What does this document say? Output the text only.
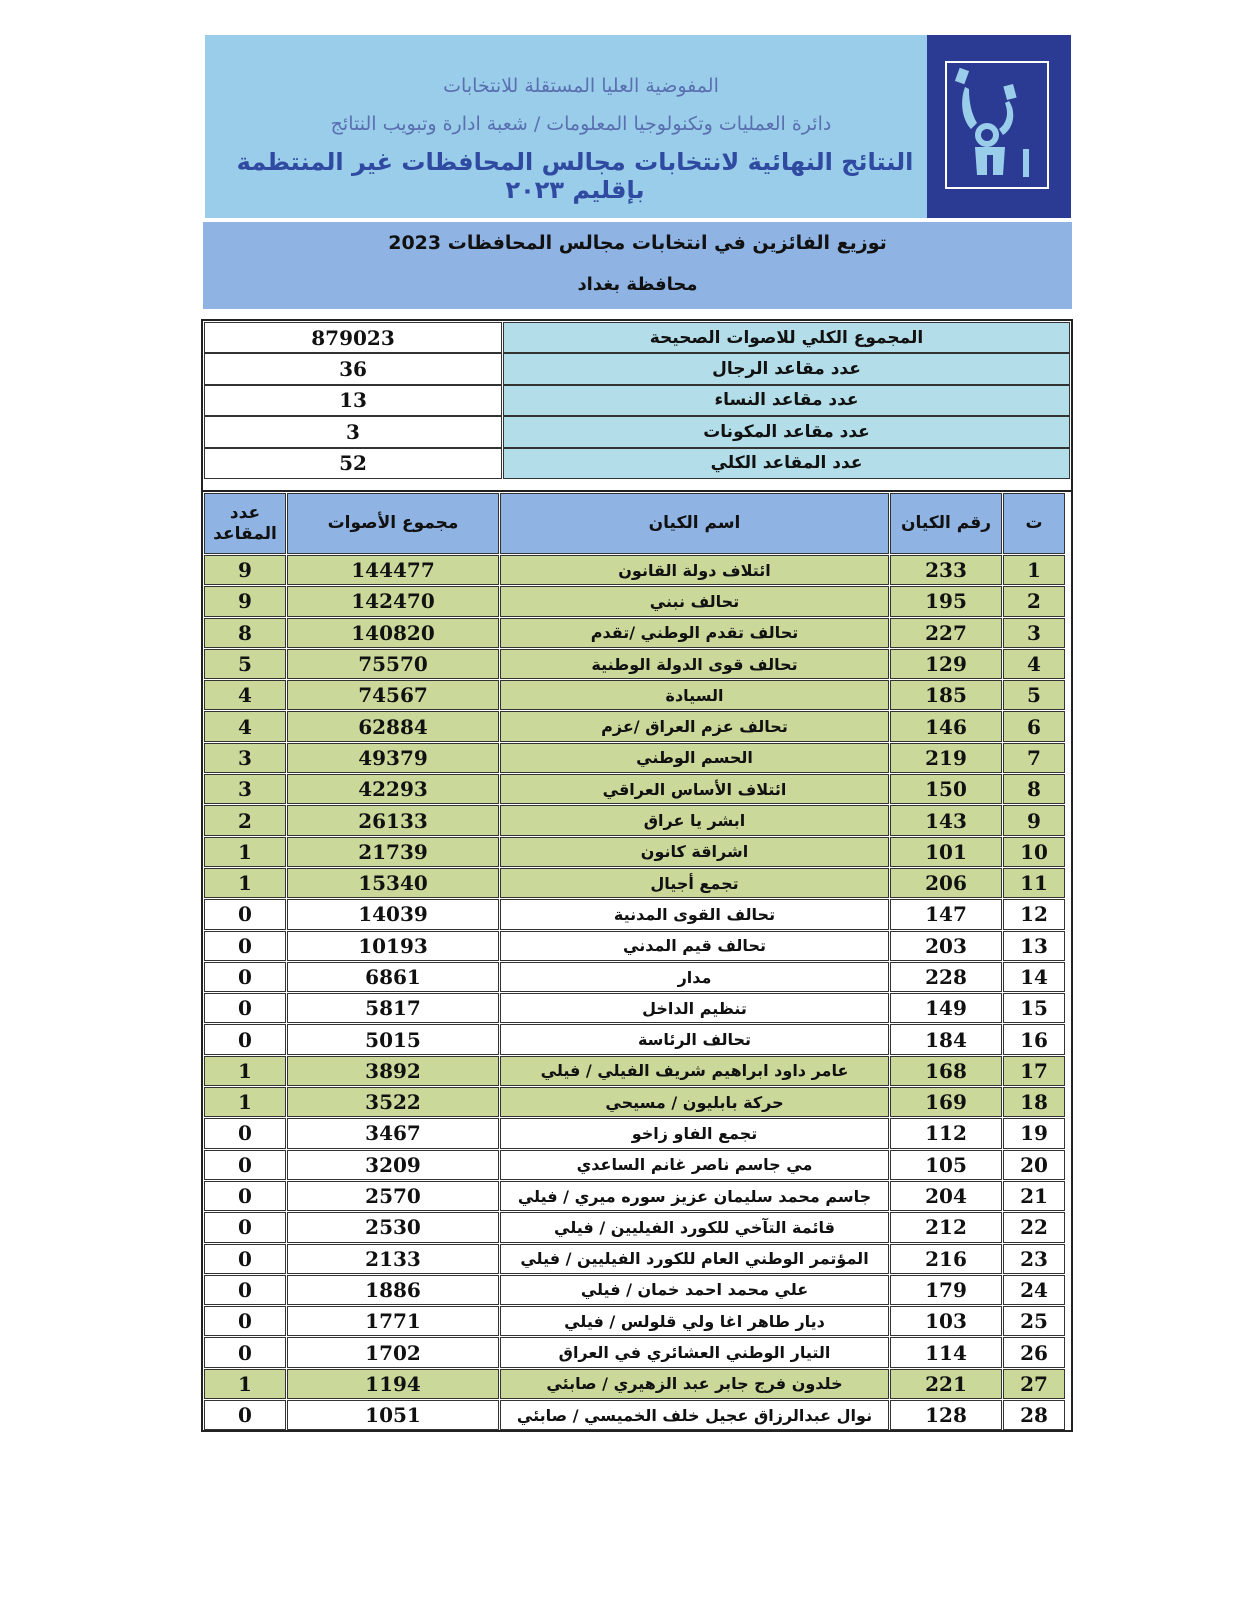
المفوضية العليا المستقلة للانتخابات
دائرة العمليات وتكنولوجيا المعلومات / شعبة ادارة وتبويب النتائج
النتائج النهائية لانتخابات مجالس المحافظات غير المنتظمة بإقليم ٢٠٢٣
توزيع الفائزين في انتخابات مجالس المحافظات 2023
محافظة بغداد
879023	المجموع الكلي للاصوات الصحيحة
36	عدد مقاعد الرجال
13	عدد مقاعد النساء
3	عدد مقاعد المكونات
52	عدد المقاعد الكلي
عدد
المقاعد
مجموع الأصوات	اسم الكيان	رقم الكيان	ت
9	144477	ائتلاف دولة القانون	233	1
9	142470	تحالف نبني	195	2
8	140820	تحالف تقدم الوطني /تقدم	227	3
5	75570	تحالف قوى الدولة الوطنية	129	4
4	74567	السيادة	185	5
4	62884	تحالف عزم العراق /عزم	146	6
3	49379	الحسم الوطني	219	7
3	42293	ائتلاف الأساس العراقي	150	8
2	26133	ابشر يا عراق	143	9
1	21739	اشراقة كانون	101	10
1	15340	تجمع أجيال	206	11
0	14039	تحالف القوى المدنية	147	12
0	10193	تحالف قيم المدني	203	13
0	6861	مدار	228	14
0	5817	تنظيم الداخل	149	15
0	5015	تحالف الرئاسة	184	16
1	3892	عامر داود ابراهيم شريف الفيلي / فيلي	168	17
1	3522	حركة بابليون / مسيحي	169	18
0	3467	تجمع الفاو زاخو	112	19
0	3209	مي جاسم ناصر غانم الساعدي	105	20
0	2570	جاسم محمد سليمان عزيز سوره ميري / فيلي	204	21
0	2530	قائمة التآخي للكورد الفيليين / فيلي	212	22
0	2133	المؤتمر الوطني العام للكورد الفيليين / فيلي	216	23
0	1886	علي محمد احمد خمان / فيلي	179	24
0	1771	ديار طاهر اغا ولي قلولس / فيلي	103	25
0	1702	التيار الوطني العشائري في العراق	114	26
1	1194	خلدون فرج جابر عبد الزهيري / صابئي	221	27
0	1051	نوال عبدالرزاق عجيل خلف الخميسي / صابئي	128	28
